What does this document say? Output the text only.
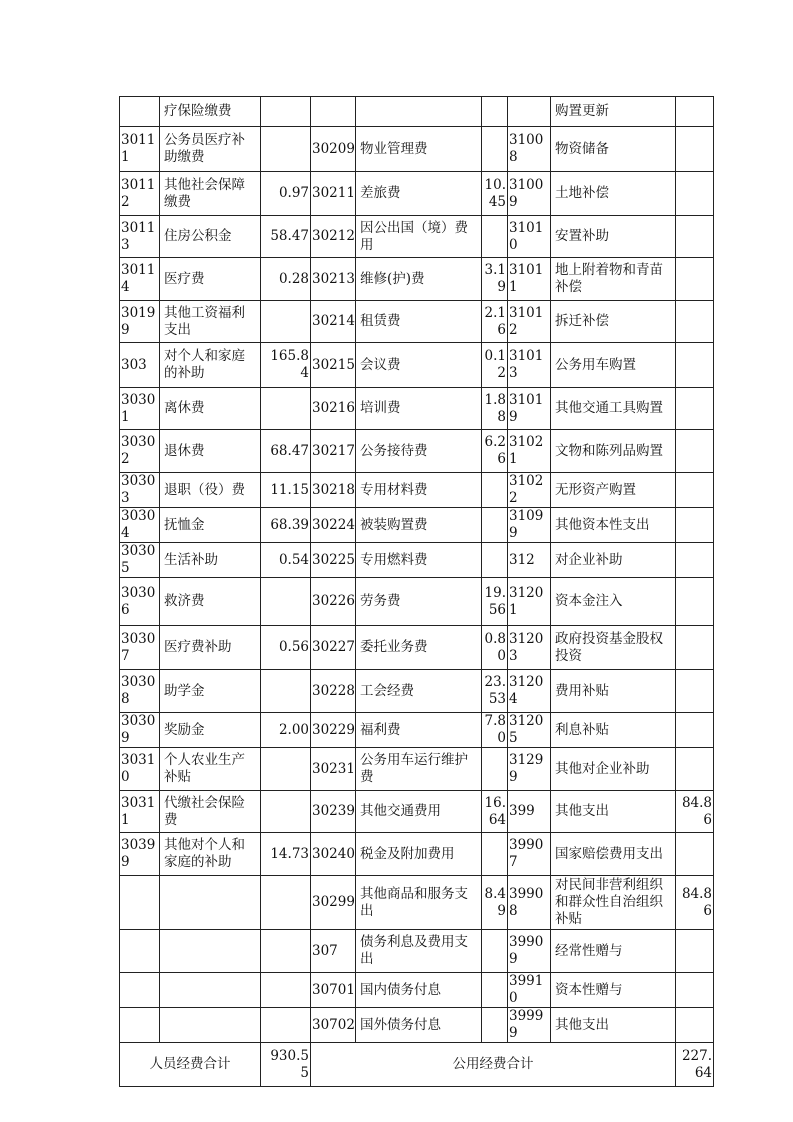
	疗保险缴费						购置更新	
30111	公务员医疗补助缴费		30209	物业管理费		31008	物资储备	
30112	其他社会保障缴费	0.97	30211	差旅费	10.45	31009	土地补偿	
30113	住房公积金	58.47	30212	因公出国（境）费用		31010	安置补助	
30114	医疗费	0.28	30213	维修(护)费	3.19	31011	地上附着物和青苗补偿	
30199	其他工资福利支出		30214	租赁费	2.16	31012	拆迁补偿	
303	对个人和家庭的补助	165.84	30215	会议费	0.12	31013	公务用车购置	
30301	离休费		30216	培训费	1.88	31019	其他交通工具购置	
30302	退休费	68.47	30217	公务接待费	6.26	31021	文物和陈列品购置	
30303	退职（役）费	11.15	30218	专用材料费		31022	无形资产购置	
30304	抚恤金	68.39	30224	被装购置费		31099	其他资本性支出	
30305	生活补助	0.54	30225	专用燃料费		312	对企业补助	
30306	救济费		30226	劳务费	19.56	31201	资本金注入	
30307	医疗费补助	0.56	30227	委托业务费	0.80	31203	政府投资基金股权投资	
30308	助学金		30228	工会经费	23.53	31204	费用补贴	
30309	奖励金	2.00	30229	福利费	7.80	31205	利息补贴	
30310	个人农业生产补贴		30231	公务用车运行维护费		31299	其他对企业补助	
30311	代缴社会保险费		30239	其他交通费用	16.64	399	其他支出	84.86
30399	其他对个人和家庭的补助	14.73	30240	税金及附加费用		39907	国家赔偿费用支出	
			30299	其他商品和服务支出	8.49	39908	对民间非营利组织和群众性自治组织补贴	84.86
			307	债务利息及费用支出		39909	经常性赠与	
			30701	国内债务付息		39910	资本性赠与	
			30702	国外债务付息		39999	其他支出	
人员经费合计		930.55	公用经费合计					227.64
